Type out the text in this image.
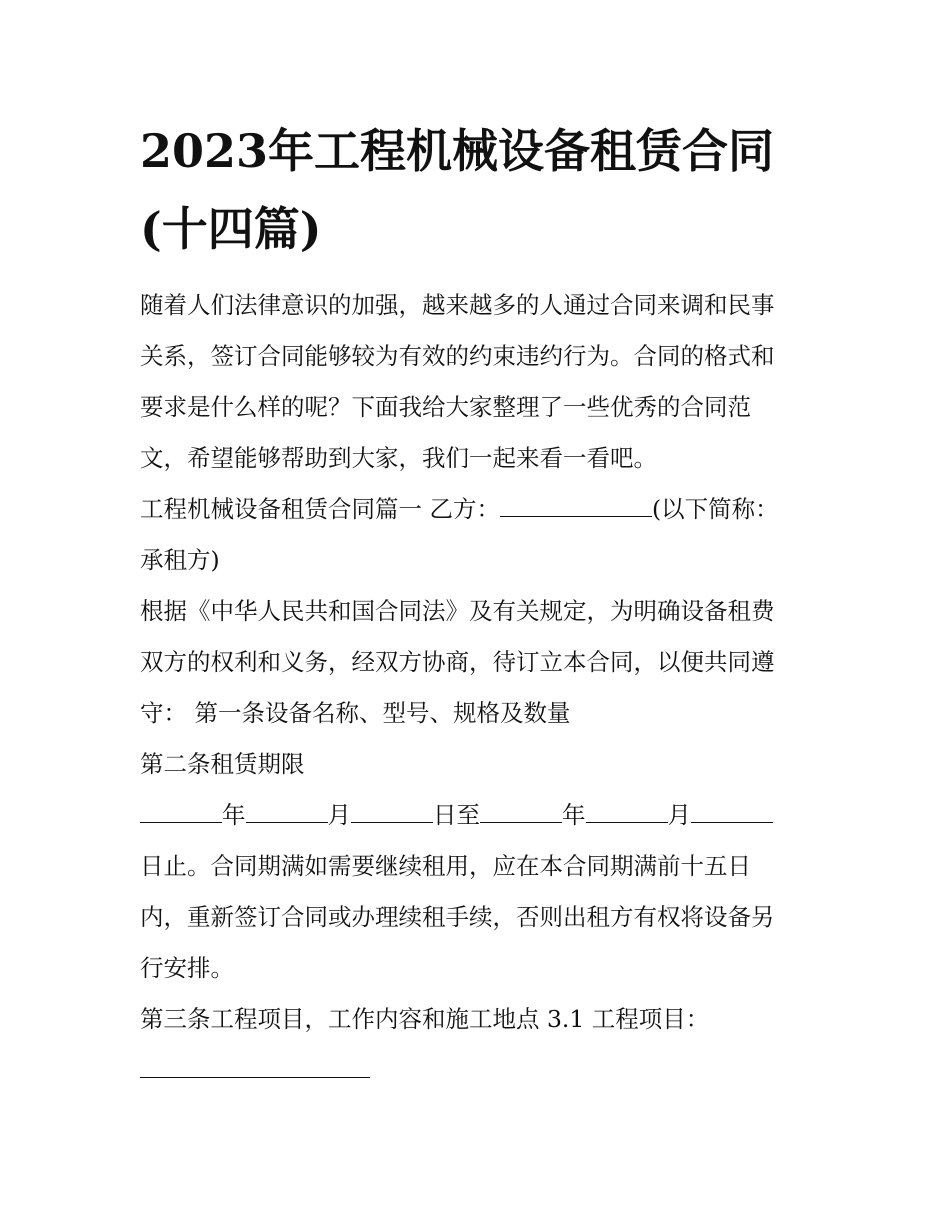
2023年工程机械设备租赁合同
(十四篇)

随着人们法律意识的加强，越来越多的人通过合同来调和民事
关系，签订合同能够较为有效的约束违约行为。合同的格式和
要求是什么样的呢？下面我给大家整理了一些优秀的合同范
文，希望能够帮助到大家，我们一起来看一看吧。

工程机械设备租赁合同篇一 乙方：	(以下简称：
承租方)

根据《中华人民共和国合同法》及有关规定，为明确设备租费
双方的权利和义务，经双方协商，待订立本合同，以便共同遵
守： 第一条设备名称、型号、规格及数量

第二条租赁期限

年	月	日至	年	月

日止。合同期满如需要继续租用，应在本合同期满前十五日
内，重新签订合同或办理续租手续，否则出租方有权将设备另
行安排。

第三条工程项目，工作内容和施工地点 3.1 工程项目：
